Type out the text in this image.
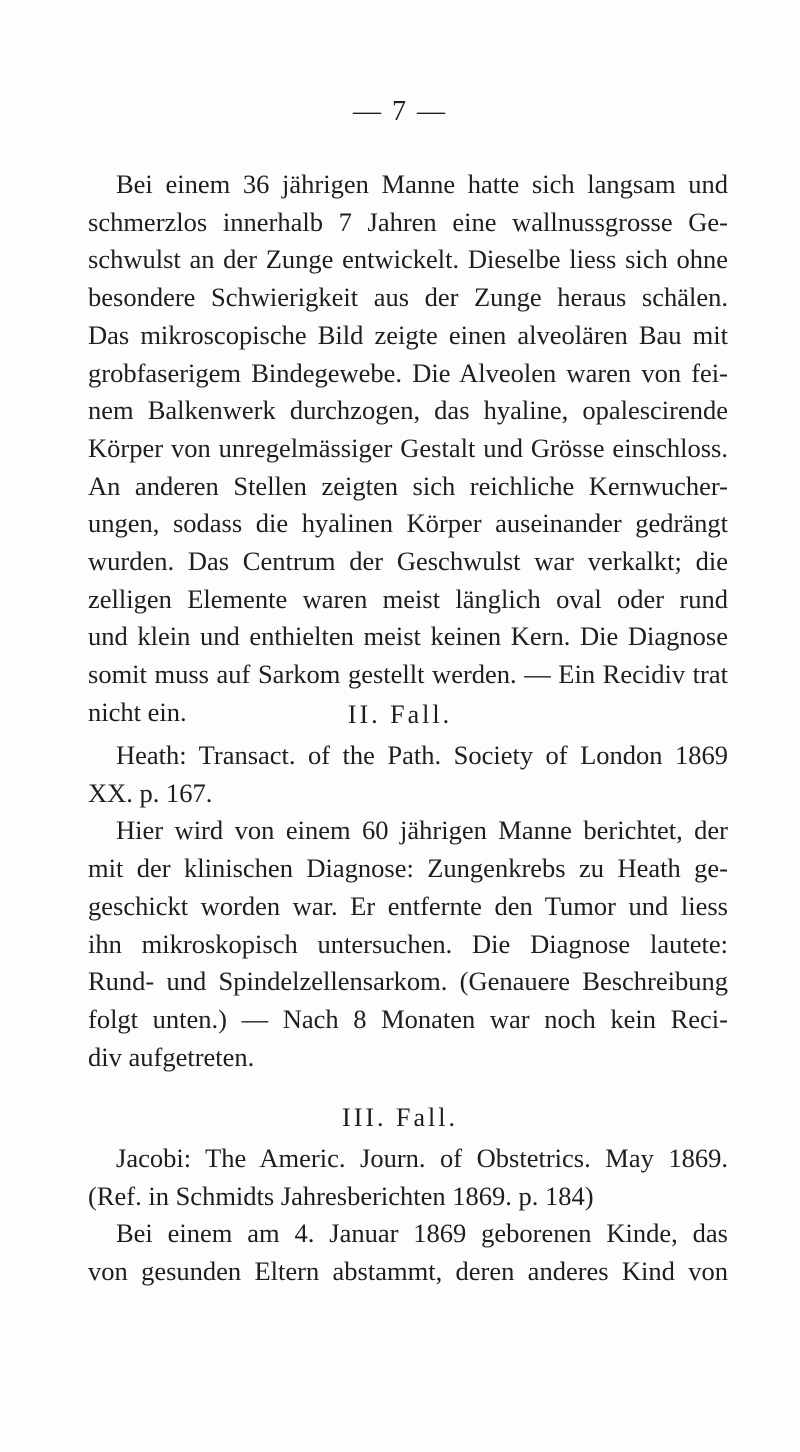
— 7 —
Bei einem 36 jährigen Manne hatte sich langsam und
schmerzlos innerhalb 7 Jahren eine wallnussgrosse Ge-
schwulst an der Zunge entwickelt. Dieselbe liess sich ohne
besondere Schwierigkeit aus der Zunge heraus schälen.
Das mikroscopische Bild zeigte einen alveolären Bau mit
grobfaserigem Bindegewebe. Die Alveolen waren von fei-
nem Balkenwerk durchzogen, das hyaline, opalescirende
Körper von unregelmässiger Gestalt und Grösse einschloss.
An anderen Stellen zeigten sich reichliche Kernwucher-
ungen, sodass die hyalinen Körper auseinander gedrängt
wurden. Das Centrum der Geschwulst war verkalkt; die
zelligen Elemente waren meist länglich oval oder rund
und klein und enthielten meist keinen Kern. Die Diagnose
somit muss auf Sarkom gestellt werden. — Ein Recidiv trat
nicht ein.	II. Fall.
Heath: Transact. of the Path. Society of London 1869
XX. p. 167.
Hier wird von einem 60 jährigen Manne berichtet, der
mit der klinischen Diagnose: Zungenkrebs zu Heath ge-
geschickt worden war. Er entfernte den Tumor und liess
ihn mikroskopisch untersuchen. Die Diagnose lautete:
Rund- und Spindelzellensarkom. (Genauere Beschreibung
folgt unten.) — Nach 8 Monaten war noch kein Reci-
div aufgetreten.
III. Fall.
Jacobi: The Americ. Journ. of Obstetrics. May 1869.
(Ref. in Schmidts Jahresberichten 1869. p. 184)
Bei einem am 4. Januar 1869 geborenen Kinde, das
von gesunden Eltern abstammt, deren anderes Kind von
